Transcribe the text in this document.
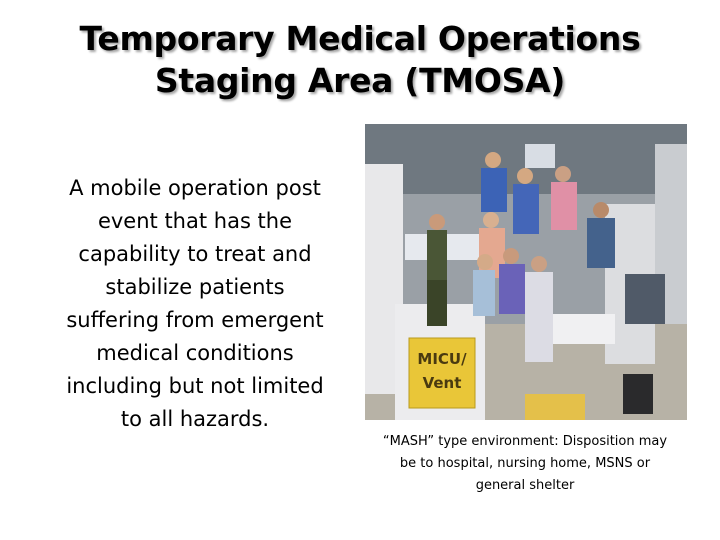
Temporary Medical Operations
Staging Area (TMOSA)
A mobile operation post
event that has the
capability to treat and
stabilize patients
suffering from emergent
medical conditions
including but not limited
to all hazards.
MICU/
Vent
“MASH” type environment: Disposition may
be to hospital, nursing home, MSNS or
general shelter
